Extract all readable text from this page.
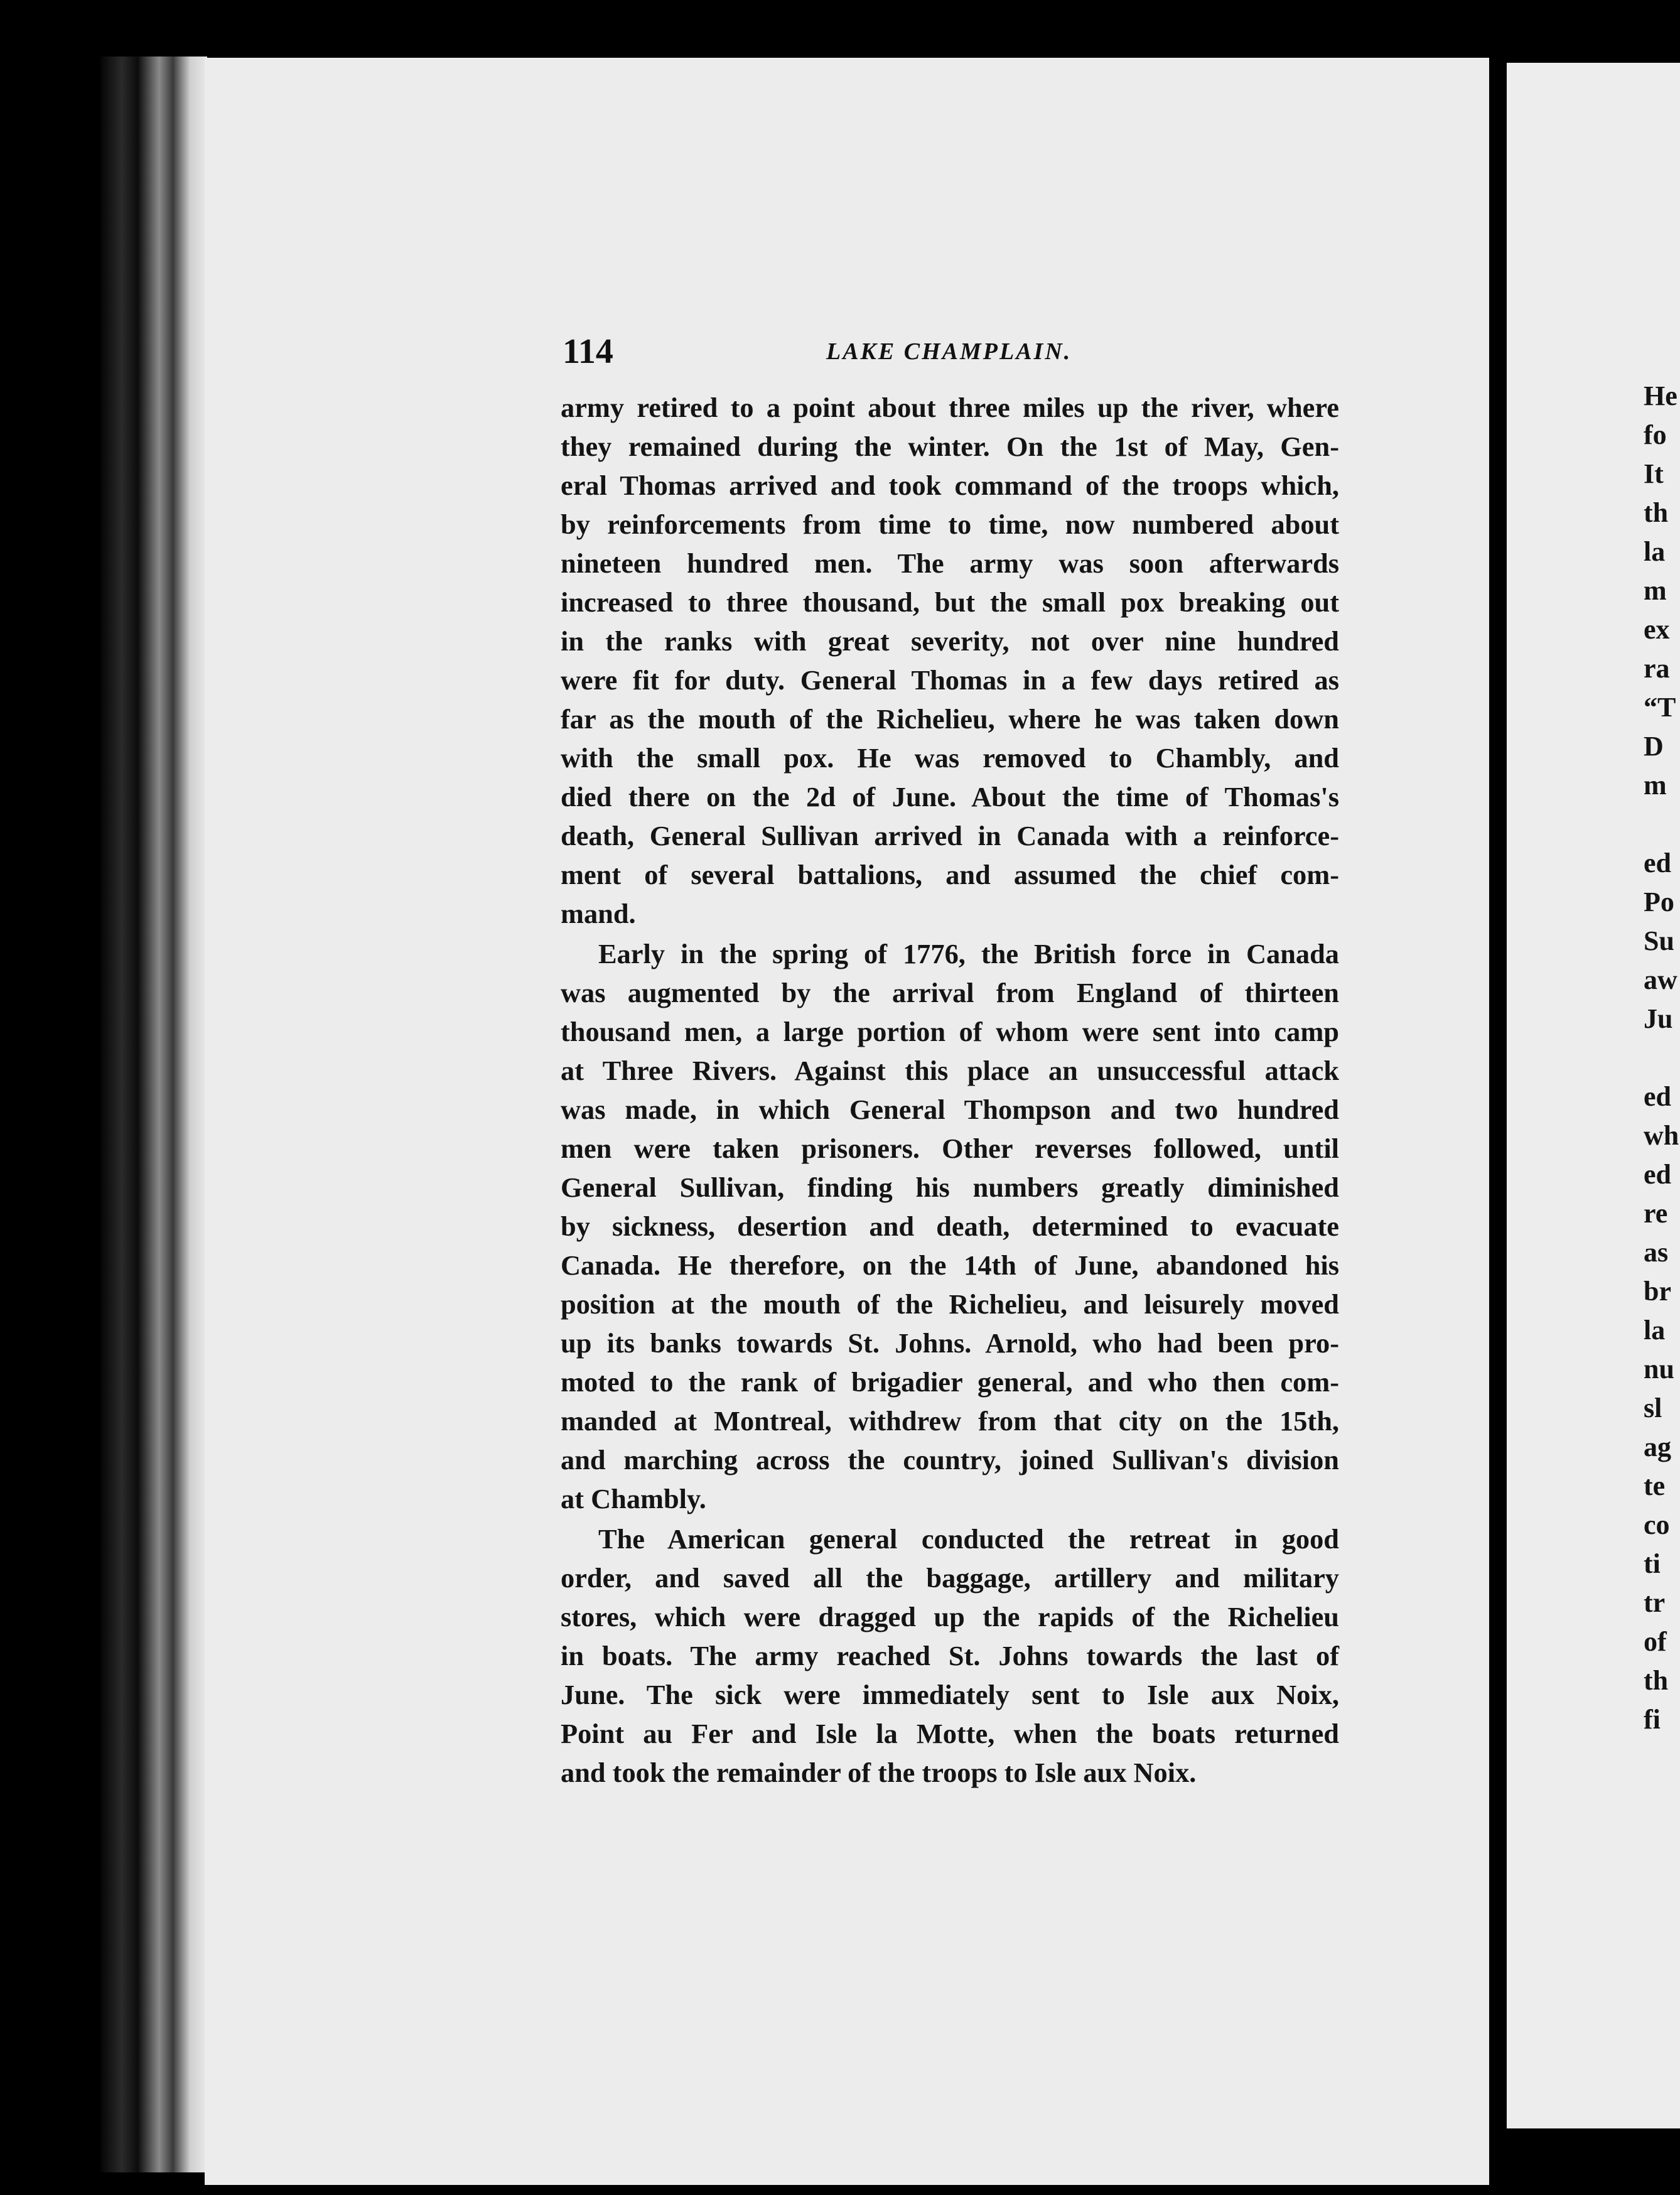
114	LAKE CHAMPLAIN.
army retired to a point about three miles up the river, where
they remained during the winter. On the 1st of May, Gen-
eral Thomas arrived and took command of the troops which,
by reinforcements from time to time, now numbered about
nineteen hundred men. The army was soon afterwards
increased to three thousand, but the small pox breaking out
in the ranks with great severity, not over nine hundred
were fit for duty. General Thomas in a few days retired as
far as the mouth of the Richelieu, where he was taken down
with the small pox. He was removed to Chambly, and
died there on the 2d of June. About the time of Thomas's
death, General Sullivan arrived in Canada with a reinforce-
ment of several battalions, and assumed the chief com-
mand.
Early in the spring of 1776, the British force in Canada
was augmented by the arrival from England of thirteen
thousand men, a large portion of whom were sent into camp
at Three Rivers. Against this place an unsuccessful attack
was made, in which General Thompson and two hundred
men were taken prisoners. Other reverses followed, until
General Sullivan, finding his numbers greatly diminished
by sickness, desertion and death, determined to evacuate
Canada. He therefore, on the 14th of June, abandoned his
position at the mouth of the Richelieu, and leisurely moved
up its banks towards St. Johns. Arnold, who had been pro-
moted to the rank of brigadier general, and who then com-
manded at Montreal, withdrew from that city on the 15th,
and marching across the country, joined Sullivan's division
at Chambly.
The American general conducted the retreat in good
order, and saved all the baggage, artillery and military
stores, which were dragged up the rapids of the Richelieu
in boats. The army reached St. Johns towards the last of
June. The sick were immediately sent to Isle aux Noix,
Point au Fer and Isle la Motte, when the boats returned
and took the remainder of the troops to Isle aux Noix.
He
fo
It
th
la
m
ex
ra
“T
D
m
ed
Po
Su
aw
Ju
ed
wh
ed
re
as
br
la
nu
sl
ag
te
co
ti
tr
of
th
fi
